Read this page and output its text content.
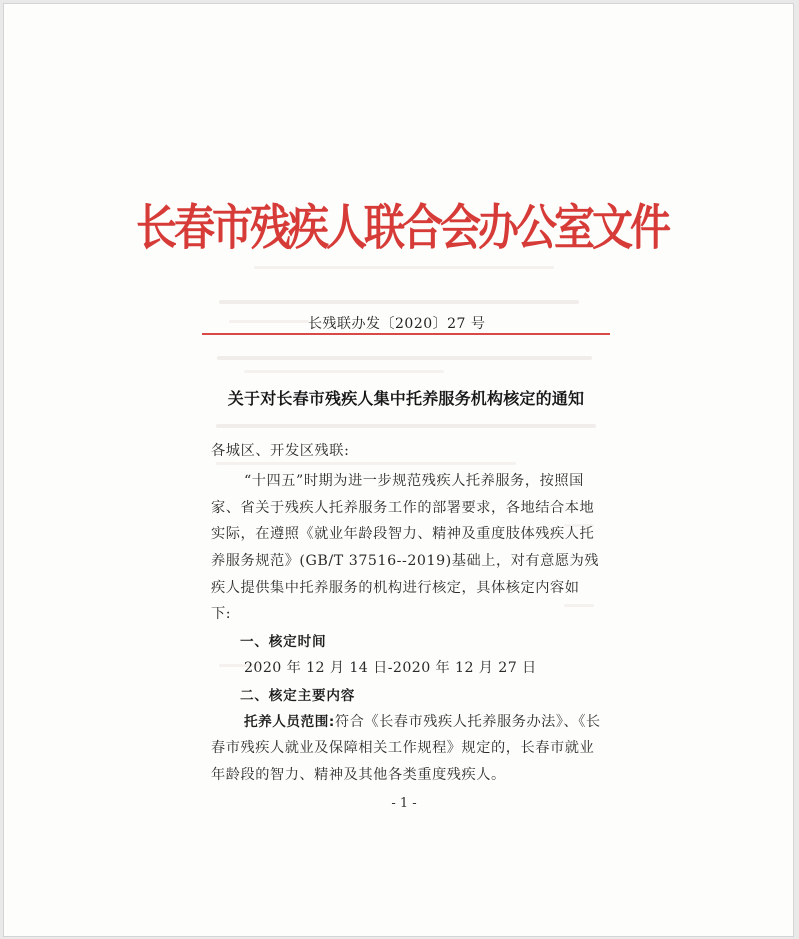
长春市残疾人联合会办公室文件
长残联办发〔2020〕27 号
关于对长春市残疾人集中托养服务机构核定的通知
各城区、开发区残联:
“十四五”时期为进一步规范残疾人托养服务，按照国
家、省关于残疾人托养服务工作的部署要求，各地结合本地
实际，在遵照《就业年龄段智力、精神及重度肢体残疾人托
养服务规范》(GB/T 37516--2019)基础上，对有意愿为残
疾人提供集中托养服务的机构进行核定，具体核定内容如
下:
一、核定时间
2020 年 12 月 14 日-2020 年 12 月 27 日
二、核定主要内容
托养人员范围:符合《长春市残疾人托养服务办法》、《长
春市残疾人就业及保障相关工作规程》规定的，长春市就业
年龄段的智力、精神及其他各类重度残疾人。
- 1 -
